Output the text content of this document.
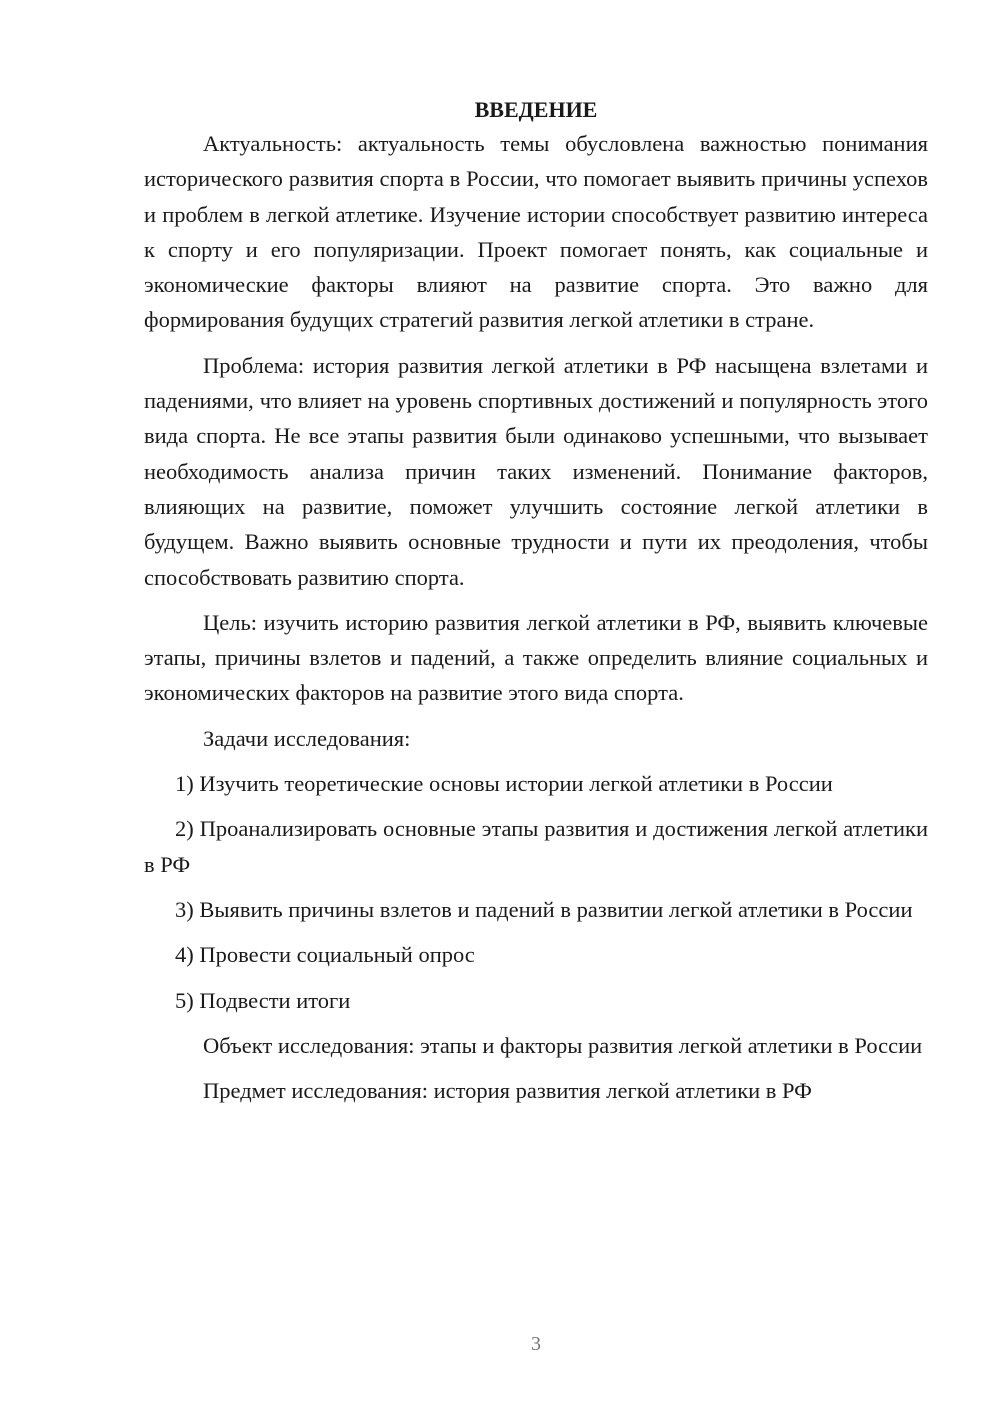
ВВЕДЕНИЕ

Актуальность: актуальность темы обусловлена важностью понимания исторического развития спорта в России, что помогает выявить причины успехов и проблем в легкой атлетике. Изучение истории способствует развитию интереса к спорту и его популяризации. Проект помогает понять, как социальные и экономические факторы влияют на развитие спорта. Это важно для формирования будущих стратегий развития легкой атлетики в стране.

Проблема: история развития легкой атлетики в РФ насыщена взлетами и падениями, что влияет на уровень спортивных достижений и популярность этого вида спорта. Не все этапы развития были одинаково успешными, что вызывает необходимость анализа причин таких изменений. Понимание факторов, влияющих на развитие, поможет улучшить состояние легкой атлетики в будущем. Важно выявить основные трудности и пути их преодоления, чтобы способствовать развитию спорта.

Цель: изучить историю развития легкой атлетики в РФ, выявить ключевые этапы, причины взлетов и падений, а также определить влияние социальных и экономических факторов на развитие этого вида спорта.

Задачи исследования:

1) Изучить теоретические основы истории легкой атлетики в России

2) Проанализировать основные этапы развития и достижения легкой атлетики в РФ

3) Выявить причины взлетов и падений в развитии легкой атлетики в России

4) Провести социальный опрос

5) Подвести итоги

Объект исследования: этапы и факторы развития легкой атлетики в России

Предмет исследования: история развития легкой атлетики в РФ

3
